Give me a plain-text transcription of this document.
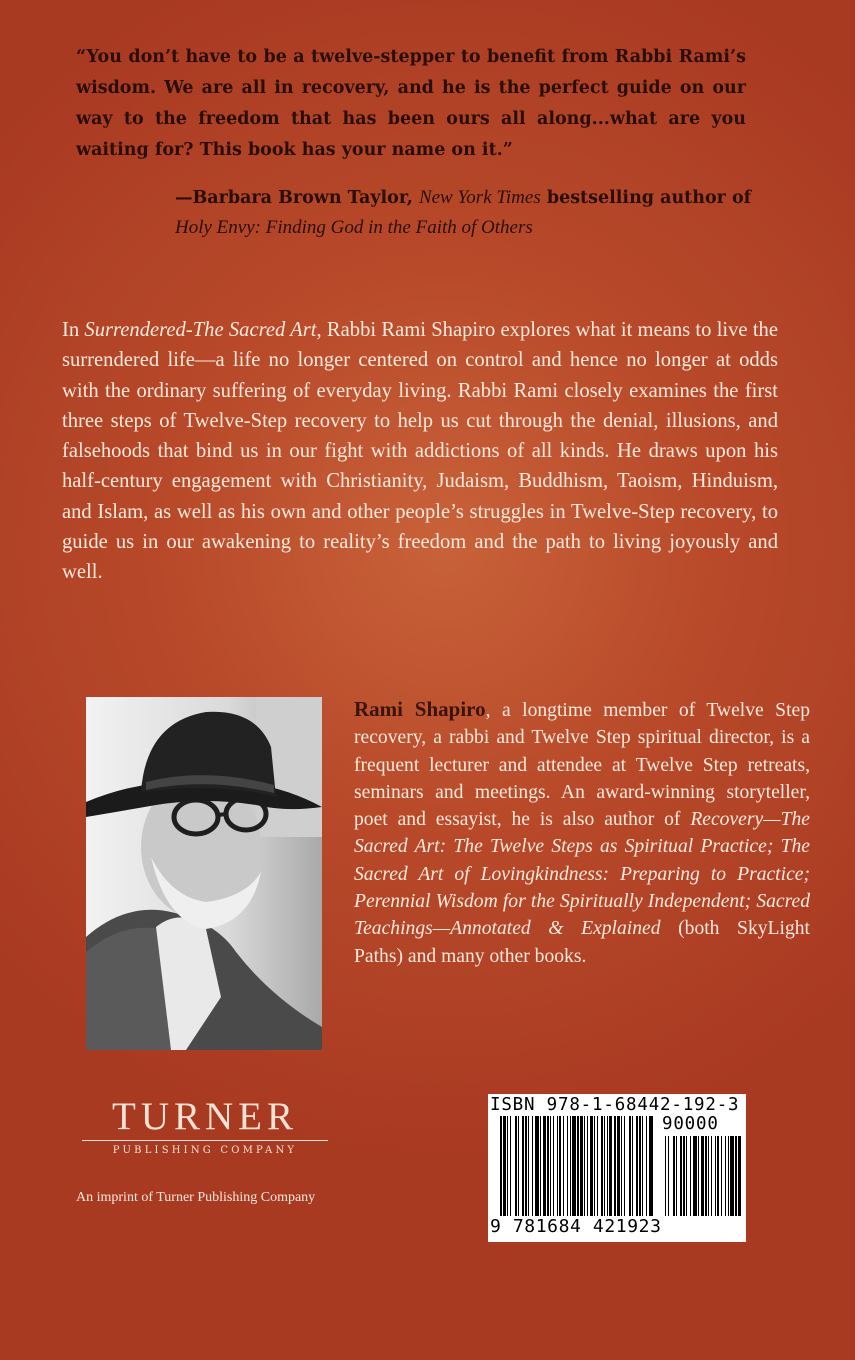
“You don’t have to be a twelve-stepper to benefit from Rabbi Rami’s wisdom. We are all in recovery, and he is the perfect guide on our way to the freedom that has been ours all along...what are you waiting for? This book has your name on it.”

—Barbara Brown Taylor, New York Times bestselling author of Holy Envy: Finding God in the Faith of Others
In Surrendered-The Sacred Art, Rabbi Rami Shapiro explores what it means to live the surrendered life—a life no longer centered on control and hence no longer at odds with the ordinary suffering of everyday living. Rabbi Rami closely examines the first three steps of Twelve-Step recovery to help us cut through the denial, illusions, and falsehoods that bind us in our fight with addictions of all kinds. He draws upon his half-century engagement with Christianity, Judaism, Buddhism, Taoism, Hinduism, and Islam, as well as his own and other people’s struggles in Twelve-Step recovery, to guide us in our awakening to reality’s freedom and the path to living joyously and well.
Rami Shapiro, a longtime member of Twelve Step recovery, a rabbi and Twelve Step spiritual director, is a frequent lecturer and attendee at Twelve Step retreats, seminars and meetings. An award-winning storyteller, poet and essayist, he is also author of Recovery—The Sacred Art: The Twelve Steps as Spiritual Practice; The Sacred Art of Lovingkindness: Preparing to Practice; Perennial Wisdom for the Spiritually Independent; Sacred Teachings—Annotated & Explained (both SkyLight Paths) and many other books.
TURNER
PUBLISHING COMPANY
An imprint of Turner Publishing Company
ISBN 978-1-68442-192-3
90000
9 781684 421923
